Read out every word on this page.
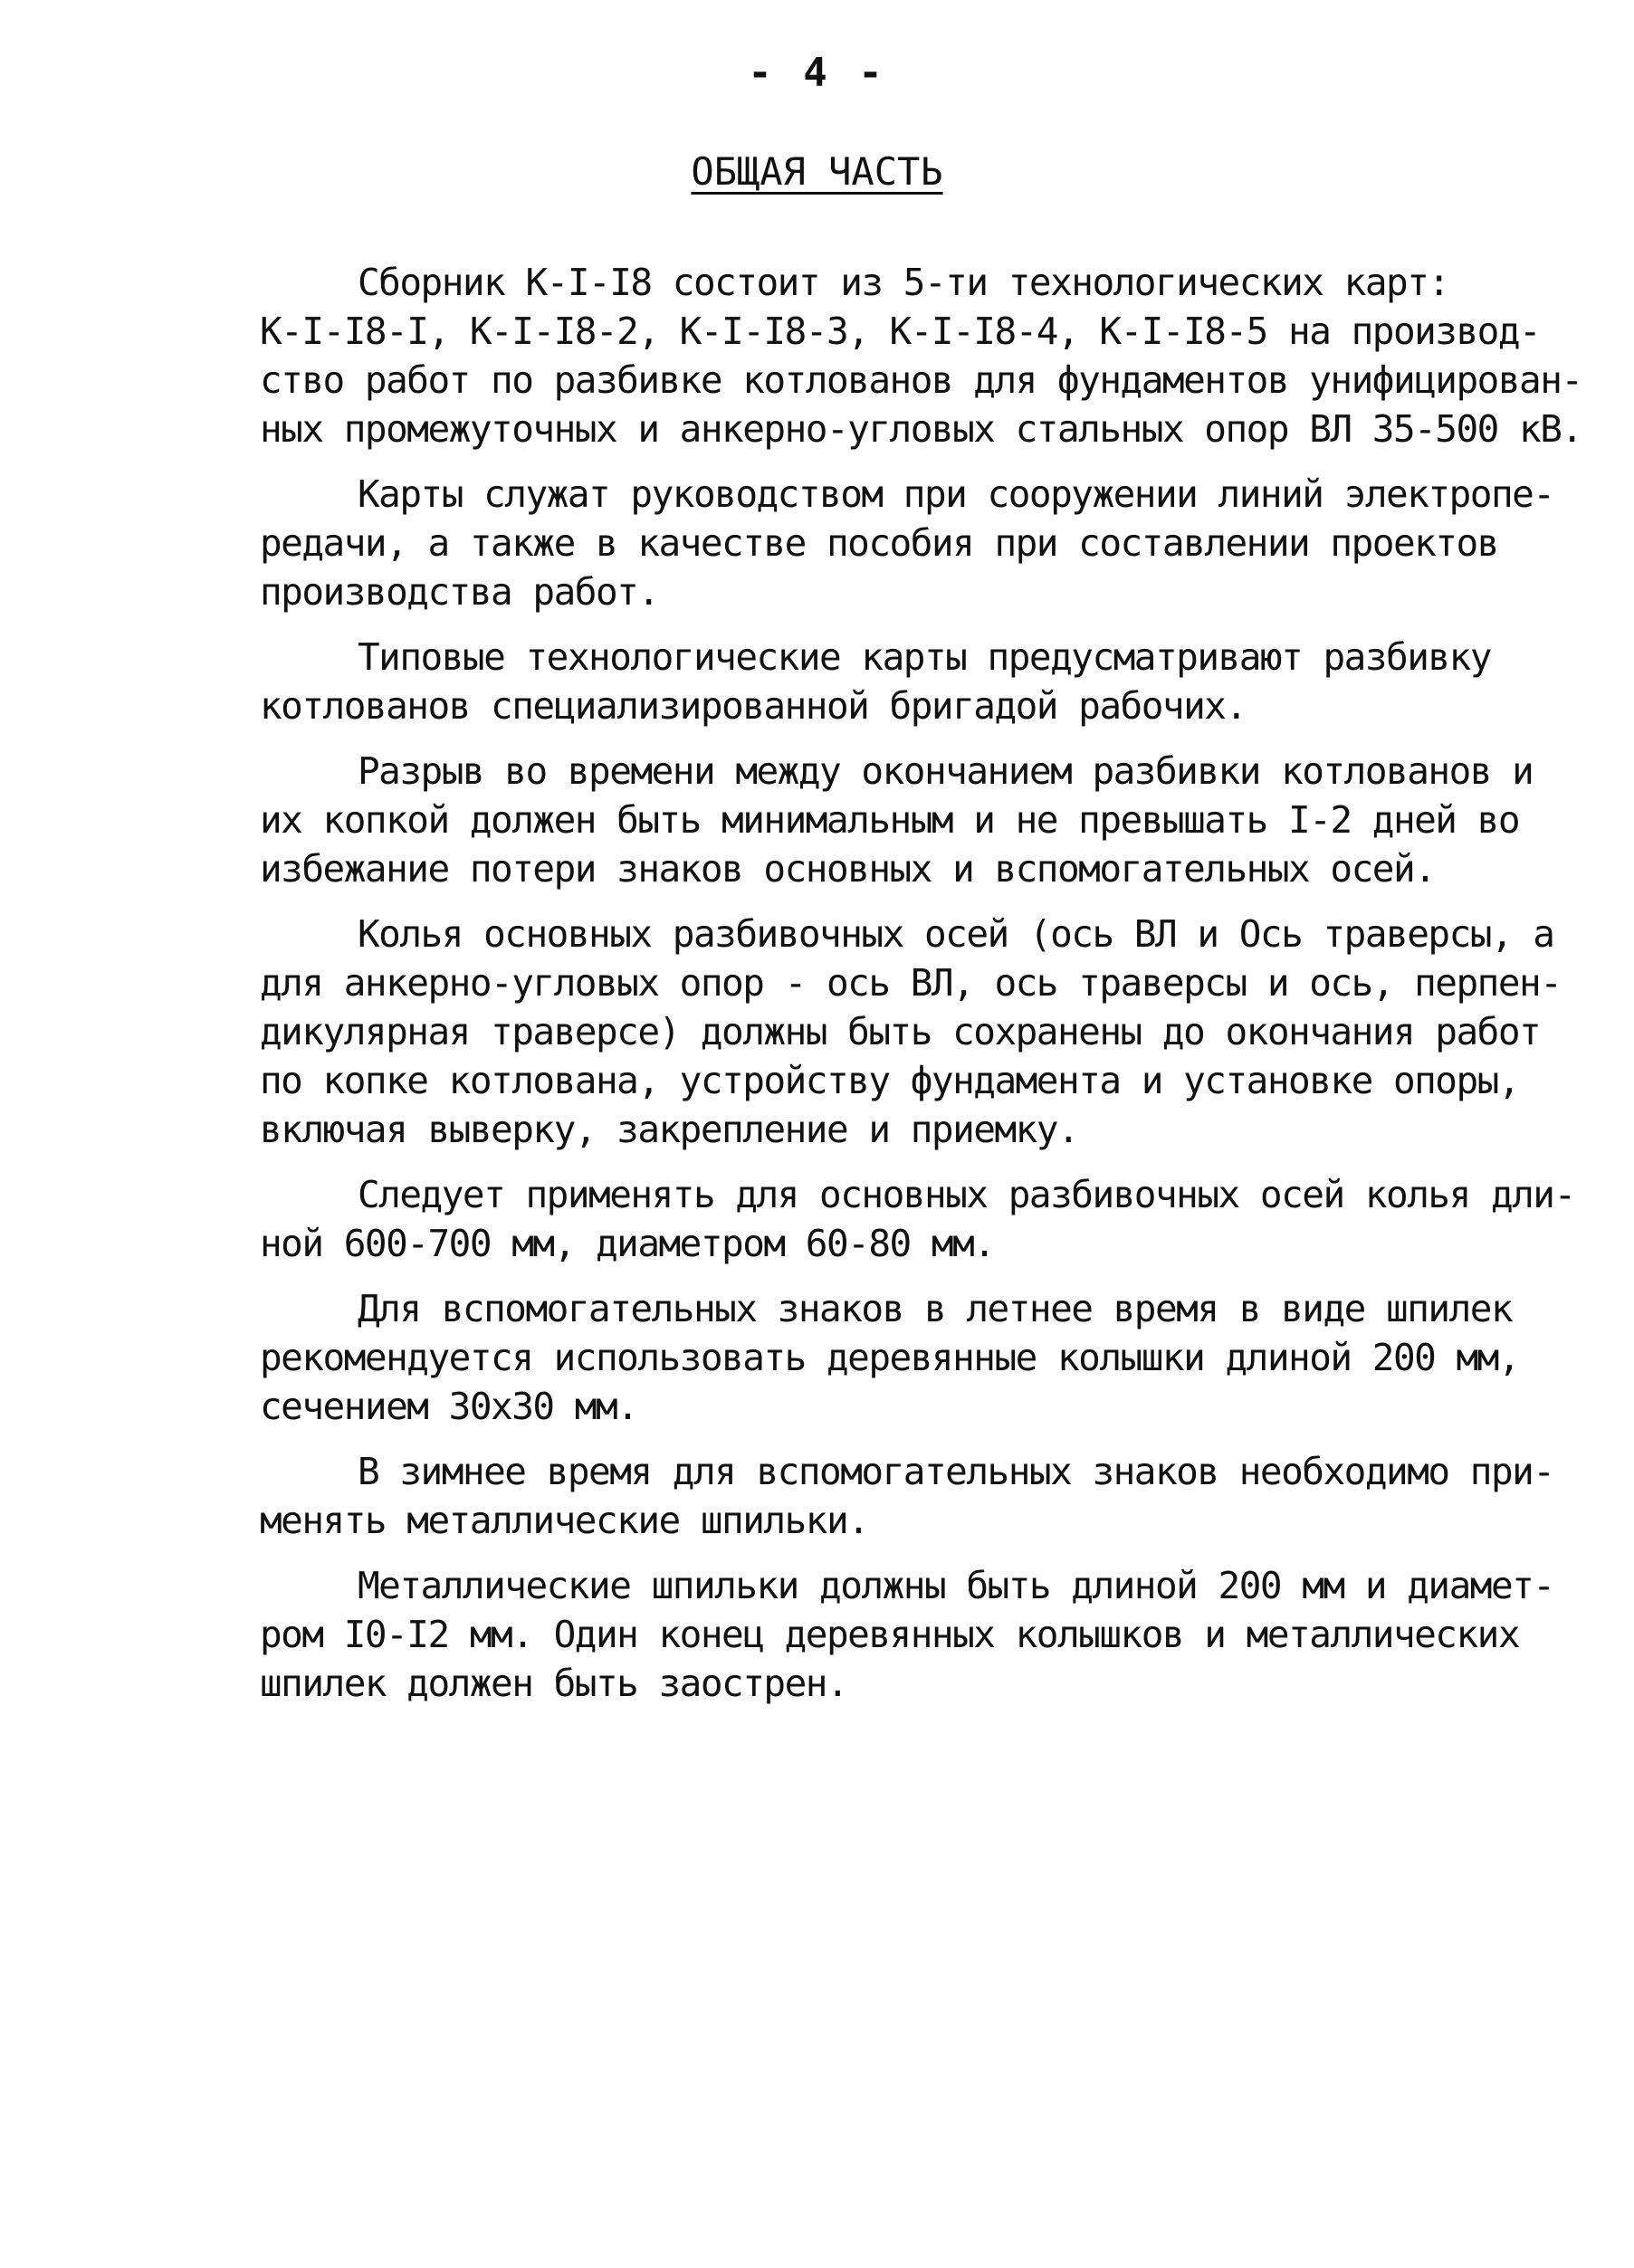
- 4 -
ОБЩАЯ ЧАСТЬ
Сборник К-I-I8 состоит из 5-ти технологических карт:
К-I-I8-I, К-I-I8-2, К-I-I8-3, К-I-I8-4, К-I-I8-5 на производ-
ство работ по разбивке котлованов для фундаментов унифицирован-
ных промежуточных и анкерно-угловых стальных опор ВЛ 35-500 кВ.
Карты служат руководством при сооружении линий электропе-
редачи, а также в качестве пособия при составлении проектов
производства работ.
Типовые технологические карты предусматривают разбивку
котлованов специализированной бригадой рабочих.
Разрыв во времени между окончанием разбивки котлованов и
их копкой должен быть минимальным и не превышать I-2 дней во
избежание потери знаков основных и вспомогательных осей.
Колья основных разбивочных осей (ось ВЛ и Ось траверсы, а
для анкерно-угловых опор - ось ВЛ, ось траверсы и ось, перпен-
дикулярная траверсе) должны быть сохранены до окончания работ
по копке котлована, устройству фундамента и установке опоры,
включая выверку, закрепление и приемку.
Следует применять для основных разбивочных осей колья дли-
ной 600-700 мм, диаметром 60-80 мм.
Для вспомогательных знаков в летнее время в виде шпилек
рекомендуется использовать деревянные колышки длиной 200 мм,
сечением 30х30 мм.
В зимнее время для вспомогательных знаков необходимо при-
менять металлические шпильки.
Металлические шпильки должны быть длиной 200 мм и диамет-
ром I0-I2 мм. Один конец деревянных колышков и металлических
шпилек должен быть заострен.
